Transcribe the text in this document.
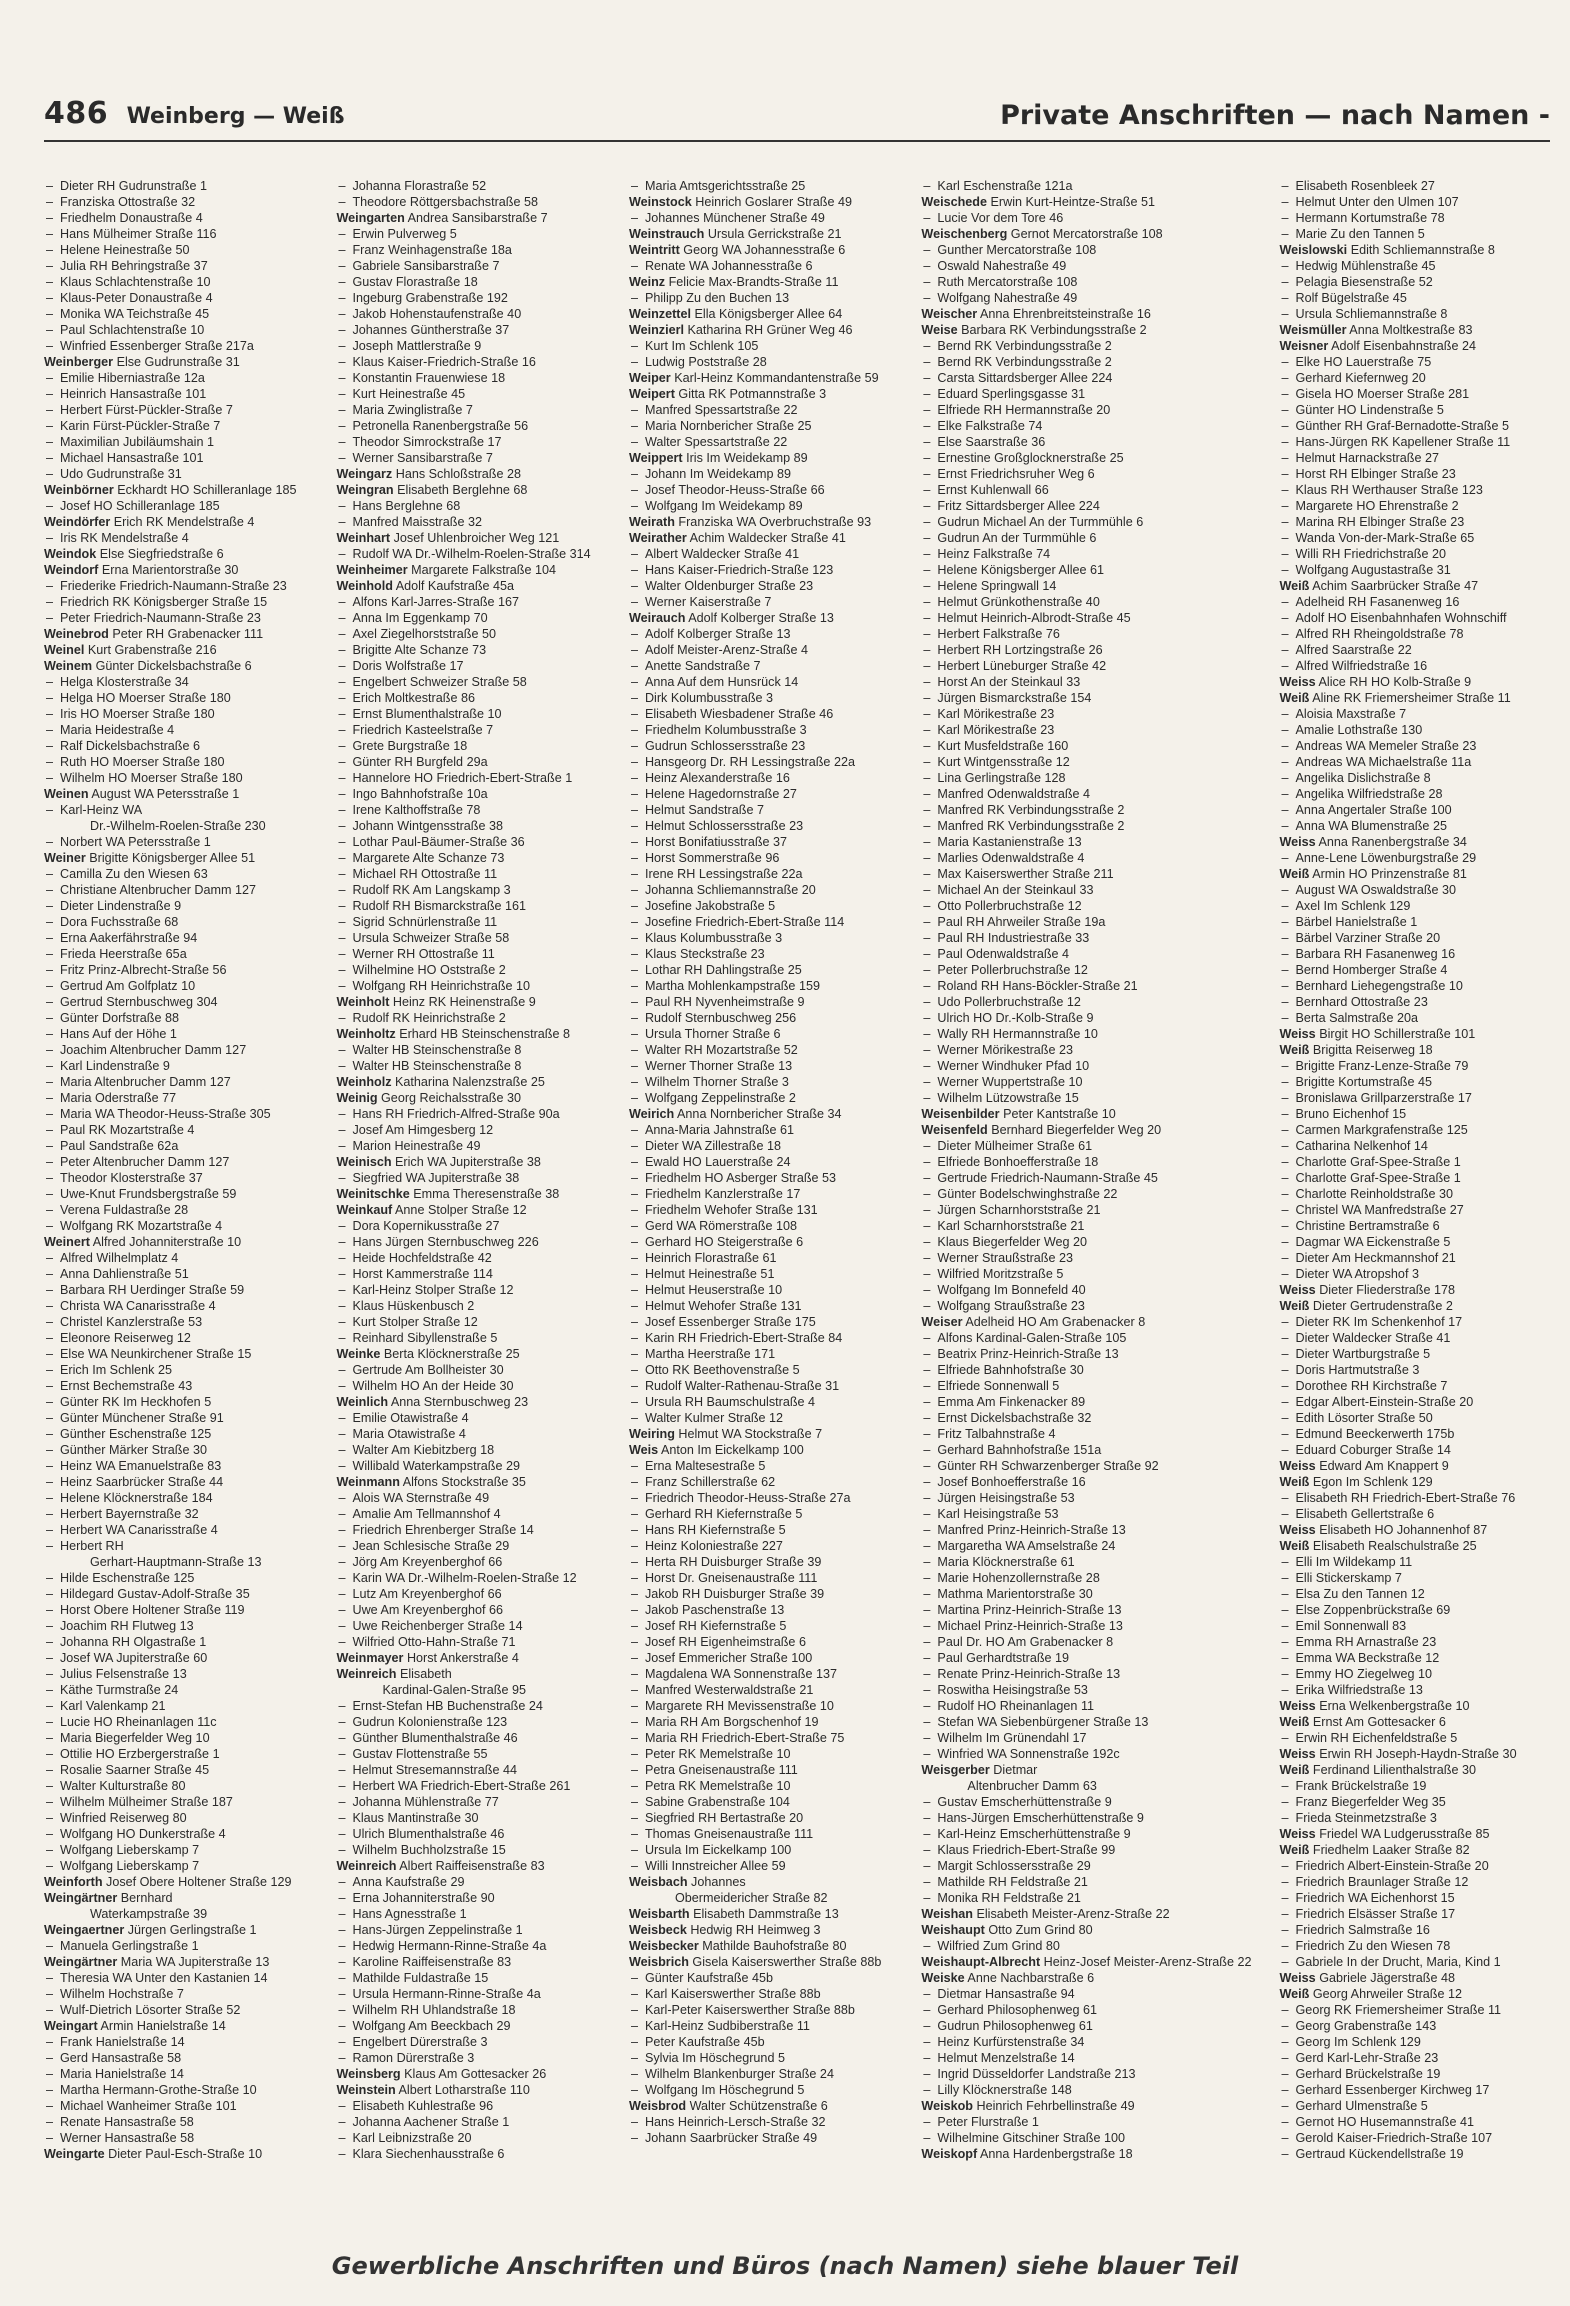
486 Weinberg — Weiß	Private Anschriften — nach Namen -
– Dieter RH Gudrunstraße 1
– Franziska Ottostraße 32
– Friedhelm Donaustraße 4
– Hans Mülheimer Straße 116
– Helene Heinestraße 50
– Julia RH Behringstraße 37
– Klaus Schlachtenstraße 10
– Klaus-Peter Donaustraße 4
– Monika WA Teichstraße 45
– Paul Schlachtenstraße 10
– Winfried Essenberger Straße 217a
Weinberger Else Gudrunstraße 31
– Emilie Hiberniastraße 12a
– Heinrich Hansastraße 101
– Herbert Fürst-Pückler-Straße 7
– Karin Fürst-Pückler-Straße 7
– Maximilian Jubiläumshain 1
– Michael Hansastraße 101
– Udo Gudrunstraße 31
Weinbörner Eckhardt HO Schilleranlage 185
– Josef HO Schilleranlage 185
Weindörfer Erich RK Mendelstraße 4
– Iris RK Mendelstraße 4
Weindok Else Siegfriedstraße 6
Weindorf Erna Marientorstraße 30
– Friederike Friedrich-Naumann-Straße 23
– Friedrich RK Königsberger Straße 15
– Peter Friedrich-Naumann-Straße 23
Weinebrod Peter RH Grabenacker 111
Weinel Kurt Grabenstraße 216
Weinem Günter Dickelsbachstraße 6
– Helga Klosterstraße 34
– Helga HO Moerser Straße 180
– Iris HO Moerser Straße 180
– Maria Heidestraße 4
– Ralf Dickelsbachstraße 6
– Ruth HO Moerser Straße 180
– Wilhelm HO Moerser Straße 180
Weinen August WA Petersstraße 1
– Karl-Heinz WA
Dr.-Wilhelm-Roelen-Straße 230
– Norbert WA Petersstraße 1
Weiner Brigitte Königsberger Allee 51
– Camilla Zu den Wiesen 63
– Christiane Altenbrucher Damm 127
– Dieter Lindenstraße 9
– Dora Fuchsstraße 68
– Erna Aakerfährstraße 94
– Frieda Heerstraße 65a
– Fritz Prinz-Albrecht-Straße 56
– Gertrud Am Golfplatz 10
– Gertrud Sternbuschweg 304
– Günter Dorfstraße 88
– Hans Auf der Höhe 1
– Joachim Altenbrucher Damm 127
– Karl Lindenstraße 9
– Maria Altenbrucher Damm 127
– Maria Oderstraße 77
– Maria WA Theodor-Heuss-Straße 305
– Paul RK Mozartstraße 4
– Paul Sandstraße 62a
– Peter Altenbrucher Damm 127
– Theodor Klosterstraße 37
– Uwe-Knut Frundsbergstraße 59
– Verena Fuldastraße 28
– Wolfgang RK Mozartstraße 4
Weinert Alfred Johanniterstraße 10
– Alfred Wilhelmplatz 4
– Anna Dahlienstraße 51
– Barbara RH Uerdinger Straße 59
– Christa WA Canarisstraße 4
– Christel Kanzlerstraße 53
– Eleonore Reiserweg 12
– Else WA Neunkirchener Straße 15
– Erich Im Schlenk 25
– Ernst Bechemstraße 43
– Günter RK Im Heckhofen 5
– Günter Münchener Straße 91
– Günther Eschenstraße 125
– Günther Märker Straße 30
– Heinz WA Emanuelstraße 83
– Heinz Saarbrücker Straße 44
– Helene Klöcknerstraße 184
– Herbert Bayernstraße 32
– Herbert WA Canarisstraße 4
– Herbert RH
Gerhart-Hauptmann-Straße 13
– Hilde Eschenstraße 125
– Hildegard Gustav-Adolf-Straße 35
– Horst Obere Holtener Straße 119
– Joachim RH Flutweg 13
– Johanna RH Olgastraße 1
– Josef WA Jupiterstraße 60
– Julius Felsenstraße 13
– Käthe Turmstraße 24
– Karl Valenkamp 21
– Lucie HO Rheinanlagen 11c
– Maria Biegerfelder Weg 10
– Ottilie HO Erzbergerstraße 1
– Rosalie Saarner Straße 45
– Walter Kulturstraße 80
– Wilhelm Mülheimer Straße 187
– Winfried Reiserweg 80
– Wolfgang HO Dunkerstraße 4
– Wolfgang Lieberskamp 7
– Wolfgang Lieberskamp 7
Weinforth Josef Obere Holtener Straße 129
Weingärtner Bernhard
Waterkampstraße 39
Weingaertner Jürgen Gerlingstraße 1
– Manuela Gerlingstraße 1
Weingärtner Maria WA Jupiterstraße 13
– Theresia WA Unter den Kastanien 14
– Wilhelm Hochstraße 7
– Wulf-Dietrich Lösorter Straße 52
Weingart Armin Hanielstraße 14
– Frank Hanielstraße 14
– Gerd Hansastraße 58
– Maria Hanielstraße 14
– Martha Hermann-Grothe-Straße 10
– Michael Wanheimer Straße 101
– Renate Hansastraße 58
– Werner Hansastraße 58
Weingarte Dieter Paul-Esch-Straße 10
– Johanna Florastraße 52
– Theodore Röttgersbachstraße 58
Weingarten Andrea Sansibarstraße 7
– Erwin Pulverweg 5
– Franz Weinhagenstraße 18a
– Gabriele Sansibarstraße 7
– Gustav Florastraße 18
– Ingeburg Grabenstraße 192
– Jakob Hohenstaufenstraße 40
– Johannes Güntherstraße 37
– Joseph Mattlerstraße 9
– Klaus Kaiser-Friedrich-Straße 16
– Konstantin Frauenwiese 18
– Kurt Heinestraße 45
– Maria Zwinglistraße 7
– Petronella Ranenbergstraße 56
– Theodor Simrockstraße 17
– Werner Sansibarstraße 7
Weingarz Hans Schloßstraße 28
Weingran Elisabeth Berglehne 68
– Hans Berglehne 68
– Manfred Maisstraße 32
Weinhart Josef Uhlenbroicher Weg 121
– Rudolf WA Dr.-Wilhelm-Roelen-Straße 314
Weinheimer Margarete Falkstraße 104
Weinhold Adolf Kaufstraße 45a
– Alfons Karl-Jarres-Straße 167
– Anna Im Eggenkamp 70
– Axel Ziegelhorststraße 50
– Brigitte Alte Schanze 73
– Doris Wolfstraße 17
– Engelbert Schweizer Straße 58
– Erich Moltkestraße 86
– Ernst Blumenthalstraße 10
– Friedrich Kasteelstraße 7
– Grete Burgstraße 18
– Günter RH Burgfeld 29a
– Hannelore HO Friedrich-Ebert-Straße 1
– Ingo Bahnhofstraße 10a
– Irene Kalthoffstraße 78
– Johann Wintgensstraße 38
– Lothar Paul-Bäumer-Straße 36
– Margarete Alte Schanze 73
– Michael RH Ottostraße 11
– Rudolf RK Am Langskamp 3
– Rudolf RH Bismarckstraße 161
– Sigrid Schnürlenstraße 11
– Ursula Schweizer Straße 58
– Werner RH Ottostraße 11
– Wilhelmine HO Oststraße 2
– Wolfgang RH Heinrichstraße 10
Weinholt Heinz RK Heinenstraße 9
– Rudolf RK Heinrichstraße 2
Weinholtz Erhard HB Steinschenstraße 8
– Walter HB Steinschenstraße 8
– Walter HB Steinschenstraße 8
Weinholz Katharina Nalenzstraße 25
Weinig Georg Reichalsstraße 30
– Hans RH Friedrich-Alfred-Straße 90a
– Josef Am Himgesberg 12
– Marion Heinestraße 49
Weinisch Erich WA Jupiterstraße 38
– Siegfried WA Jupiterstraße 38
Weinitschke Emma Theresenstraße 38
Weinkauf Anne Stolper Straße 12
– Dora Kopernikusstraße 27
– Hans Jürgen Sternbuschweg 226
– Heide Hochfeldstraße 42
– Horst Kammerstraße 114
– Karl-Heinz Stolper Straße 12
– Klaus Hüskenbusch 2
– Kurt Stolper Straße 12
– Reinhard Sibyllenstraße 5
Weinke Berta Klöcknerstraße 25
– Gertrude Am Bollheister 30
– Wilhelm HO An der Heide 30
Weinlich Anna Sternbuschweg 23
– Emilie Otawistraße 4
– Maria Otawistraße 4
– Walter Am Kiebitzberg 18
– Willibald Waterkampstraße 29
Weinmann Alfons Stockstraße 35
– Alois WA Sternstraße 49
– Amalie Am Tellmannshof 4
– Friedrich Ehrenberger Straße 14
– Jean Schlesische Straße 29
– Jörg Am Kreyenberghof 66
– Karin WA Dr.-Wilhelm-Roelen-Straße 12
– Lutz Am Kreyenberghof 66
– Uwe Am Kreyenberghof 66
– Uwe Reichenberger Straße 14
– Wilfried Otto-Hahn-Straße 71
Weinmayer Horst Ankerstraße 4
Weinreich Elisabeth
Kardinal-Galen-Straße 95
– Ernst-Stefan HB Buchenstraße 24
– Gudrun Kolonienstraße 123
– Günther Blumenthalstraße 46
– Gustav Flottenstraße 55
– Helmut Stresemannstraße 44
– Herbert WA Friedrich-Ebert-Straße 261
– Johanna Mühlenstraße 77
– Klaus Mantinstraße 30
– Ulrich Blumenthalstraße 46
– Wilhelm Buchholzstraße 15
Weinreich Albert Raiffeisenstraße 83
– Anna Kaufstraße 29
– Erna Johanniterstraße 90
– Hans Agnesstraße 1
– Hans-Jürgen Zeppelinstraße 1
– Hedwig Hermann-Rinne-Straße 4a
– Karoline Raiffeisenstraße 83
– Mathilde Fuldastraße 15
– Ursula Hermann-Rinne-Straße 4a
– Wilhelm RH Uhlandstraße 18
– Wolfgang Am Beeckbach 29
– Engelbert Dürerstraße 3
– Ramon Dürerstraße 3
Weinsberg Klaus Am Gottesacker 26
Weinstein Albert Lotharstraße 110
– Elisabeth Kuhlestraße 96
– Johanna Aachener Straße 1
– Karl Leibnizstraße 20
– Klara Siechenhausstraße 6
– Maria Amtsgerichtsstraße 25
Weinstock Heinrich Goslarer Straße 49
– Johannes Münchener Straße 49
Weinstrauch Ursula Gerrickstraße 21
Weintritt Georg WA Johannesstraße 6
– Renate WA Johannesstraße 6
Weinz Felicie Max-Brandts-Straße 11
– Philipp Zu den Buchen 13
Weinzettel Ella Königsberger Allee 64
Weinzierl Katharina RH Grüner Weg 46
– Kurt Im Schlenk 105
– Ludwig Poststraße 28
Weiper Karl-Heinz Kommandantenstraße 59
Weipert Gitta RK Potmannstraße 3
– Manfred Spessartstraße 22
– Maria Nornbericher Straße 25
– Walter Spessartstraße 22
Weippert Iris Im Weidekamp 89
– Johann Im Weidekamp 89
– Josef Theodor-Heuss-Straße 66
– Wolfgang Im Weidekamp 89
Weirath Franziska WA Overbruchstraße 93
Weirather Achim Waldecker Straße 41
– Albert Waldecker Straße 41
– Hans Kaiser-Friedrich-Straße 123
– Walter Oldenburger Straße 23
– Werner Kaiserstraße 7
Weirauch Adolf Kolberger Straße 13
– Adolf Kolberger Straße 13
– Adolf Meister-Arenz-Straße 4
– Anette Sandstraße 7
– Anna Auf dem Hunsrück 14
– Dirk Kolumbusstraße 3
– Elisabeth Wiesbadener Straße 46
– Friedhelm Kolumbusstraße 3
– Gudrun Schlossersstraße 23
– Hansgeorg Dr. RH Lessingstraße 22a
– Heinz Alexanderstraße 16
– Helene Hagedornstraße 27
– Helmut Sandstraße 7
– Helmut Schlossersstraße 23
– Horst Bonifatiusstraße 37
– Horst Sommerstraße 96
– Irene RH Lessingstraße 22a
– Johanna Schliemannstraße 20
– Josefine Jakobstraße 5
– Josefine Friedrich-Ebert-Straße 114
– Klaus Kolumbusstraße 3
– Klaus Steckstraße 23
– Lothar RH Dahlingstraße 25
– Martha Mohlenkampstraße 159
– Paul RH Nyvenheimstraße 9
– Rudolf Sternbuschweg 256
– Ursula Thorner Straße 6
– Walter RH Mozartstraße 52
– Werner Thorner Straße 13
– Wilhelm Thorner Straße 3
– Wolfgang Zeppelinstraße 2
Weirich Anna Nornbericher Straße 34
– Anna-Maria Jahnstraße 61
– Dieter WA Zillestraße 18
– Ewald HO Lauerstraße 24
– Friedhelm HO Asberger Straße 53
– Friedhelm Kanzlerstraße 17
– Friedhelm Wehofer Straße 131
– Gerd WA Römerstraße 108
– Gerhard HO Steigerstraße 6
– Heinrich Florastraße 61
– Helmut Heinestraße 51
– Helmut Heuserstraße 10
– Helmut Wehofer Straße 131
– Josef Essenberger Straße 175
– Karin RH Friedrich-Ebert-Straße 84
– Martha Heerstraße 171
– Otto RK Beethovenstraße 5
– Rudolf Walter-Rathenau-Straße 31
– Ursula RH Baumschulstraße 4
– Walter Kulmer Straße 12
Weiring Helmut WA Stockstraße 7
Weis Anton Im Eickelkamp 100
– Erna Maltesestraße 5
– Franz Schillerstraße 62
– Friedrich Theodor-Heuss-Straße 27a
– Gerhard RH Kiefernstraße 5
– Hans RH Kiefernstraße 5
– Heinz Koloniestraße 227
– Herta RH Duisburger Straße 39
– Horst Dr. Gneisenaustraße 111
– Jakob RH Duisburger Straße 39
– Jakob Paschenstraße 13
– Josef RH Kiefernstraße 5
– Josef RH Eigenheimstraße 6
– Josef Emmericher Straße 100
– Magdalena WA Sonnenstraße 137
– Manfred Westerwaldstraße 21
– Margarete RH Mevissenstraße 10
– Maria RH Am Borgschenhof 19
– Maria RH Friedrich-Ebert-Straße 75
– Peter RK Memelstraße 10
– Petra Gneisenaustraße 111
– Petra RK Memelstraße 10
– Sabine Grabenstraße 104
– Siegfried RH Bertastraße 20
– Thomas Gneisenaustraße 111
– Ursula Im Eickelkamp 100
– Willi Innstreicher Allee 59
Weisbach Johannes
Obermeidericher Straße 82
Weisbarth Elisabeth Dammstraße 13
Weisbeck Hedwig RH Heimweg 3
Weisbecker Mathilde Bauhofstraße 80
Weisbrich Gisela Kaiserswerther Straße 88b
– Günter Kaufstraße 45b
– Karl Kaiserswerther Straße 88b
– Karl-Peter Kaiserswerther Straße 88b
– Karl-Heinz Sudbiberstraße 11
– Peter Kaufstraße 45b
– Sylvia Im Höschegrund 5
– Wilhelm Blankenburger Straße 24
– Wolfgang Im Höschegrund 5
Weisbrod Walter Schützenstraße 6
– Hans Heinrich-Lersch-Straße 32
– Johann Saarbrücker Straße 49
– Karl Eschenstraße 121a
Weischede Erwin Kurt-Heintze-Straße 51
– Lucie Vor dem Tore 46
Weischenberg Gernot Mercatorstraße 108
– Gunther Mercatorstraße 108
– Oswald Nahestraße 49
– Ruth Mercatorstraße 108
– Wolfgang Nahestraße 49
Weischer Anna Ehrenbreitsteinstraße 16
Weise Barbara RK Verbindungsstraße 2
– Bernd RK Verbindungsstraße 2
– Bernd RK Verbindungsstraße 2
– Carsta Sittardsberger Allee 224
– Eduard Sperlingsgasse 31
– Elfriede RH Hermannstraße 20
– Elke Falkstraße 74
– Else Saarstraße 36
– Ernestine Großglocknerstraße 25
– Ernst Friedrichsruher Weg 6
– Ernst Kuhlenwall 66
– Fritz Sittardsberger Allee 224
– Gudrun Michael An der Turmmühle 6
– Gudrun An der Turmmühle 6
– Heinz Falkstraße 74
– Helene Königsberger Allee 61
– Helene Springwall 14
– Helmut Grünkothenstraße 40
– Helmut Heinrich-Albrodt-Straße 45
– Herbert Falkstraße 76
– Herbert RH Lortzingstraße 26
– Herbert Lüneburger Straße 42
– Horst An der Steinkaul 33
– Jürgen Bismarckstraße 154
– Karl Mörikestraße 23
– Karl Mörikestraße 23
– Kurt Musfeldstraße 160
– Kurt Wintgensstraße 12
– Lina Gerlingstraße 128
– Manfred Odenwaldstraße 4
– Manfred RK Verbindungsstraße 2
– Manfred RK Verbindungsstraße 2
– Maria Kastanienstraße 13
– Marlies Odenwaldstraße 4
– Max Kaiserswerther Straße 211
– Michael An der Steinkaul 33
– Otto Pollerbruchstraße 12
– Paul RH Ahrweiler Straße 19a
– Paul RH Industriestraße 33
– Paul Odenwaldstraße 4
– Peter Pollerbruchstraße 12
– Roland RH Hans-Böckler-Straße 21
– Udo Pollerbruchstraße 12
– Ulrich HO Dr.-Kolb-Straße 9
– Wally RH Hermannstraße 10
– Werner Mörikestraße 23
– Werner Windhuker Pfad 10
– Werner Wuppertstraße 10
– Wilhelm Lützowstraße 15
Weisenbilder Peter Kantstraße 10
Weisenfeld Bernhard Biegerfelder Weg 20
– Dieter Mülheimer Straße 61
– Elfriede Bonhoefferstraße 18
– Gertrude Friedrich-Naumann-Straße 45
– Günter Bodelschwinghstraße 22
– Jürgen Scharnhorststraße 21
– Karl Scharnhorststraße 21
– Klaus Biegerfelder Weg 20
– Werner Straußstraße 23
– Wilfried Moritzstraße 5
– Wolfgang Im Bonnefeld 40
– Wolfgang Straußstraße 23
Weiser Adelheid HO Am Grabenacker 8
– Alfons Kardinal-Galen-Straße 105
– Beatrix Prinz-Heinrich-Straße 13
– Elfriede Bahnhofstraße 30
– Elfriede Sonnenwall 5
– Emma Am Finkenacker 89
– Ernst Dickelsbachstraße 32
– Fritz Talbahnstraße 4
– Gerhard Bahnhofstraße 151a
– Günter RH Schwarzenberger Straße 92
– Josef Bonhoefferstraße 16
– Jürgen Heisingstraße 53
– Karl Heisingstraße 53
– Manfred Prinz-Heinrich-Straße 13
– Margaretha WA Amselstraße 24
– Maria Klöcknerstraße 61
– Marie Hohenzollernstraße 28
– Mathma Marientorstraße 30
– Martina Prinz-Heinrich-Straße 13
– Michael Prinz-Heinrich-Straße 13
– Paul Dr. HO Am Grabenacker 8
– Paul Gerhardtstraße 19
– Renate Prinz-Heinrich-Straße 13
– Roswitha Heisingstraße 53
– Rudolf HO Rheinanlagen 11
– Stefan WA Siebenbürgener Straße 13
– Wilhelm Im Grünendahl 17
– Winfried WA Sonnenstraße 192c
Weisgerber Dietmar
Altenbrucher Damm 63
– Gustav Emscherhüttenstraße 9
– Hans-Jürgen Emscherhüttenstraße 9
– Karl-Heinz Emscherhüttenstraße 9
– Klaus Friedrich-Ebert-Straße 99
– Margit Schlossersstraße 29
– Mathilde RH Feldstraße 21
– Monika RH Feldstraße 21
Weishan Elisabeth Meister-Arenz-Straße 22
Weishaupt Otto Zum Grind 80
– Wilfried Zum Grind 80
Weishaupt-Albrecht Heinz-Josef Meister-Arenz-Straße 22
Weiske Anne Nachbarstraße 6
– Dietmar Hansastraße 94
– Gerhard Philosophenweg 61
– Gudrun Philosophenweg 61
– Heinz Kurfürstenstraße 34
– Helmut Menzelstraße 14
– Ingrid Düsseldorfer Landstraße 213
– Lilly Klöcknerstraße 148
Weiskob Heinrich Fehrbellinstraße 49
– Peter Flurstraße 1
– Wilhelmine Gitschiner Straße 100
Weiskopf Anna Hardenbergstraße 18
– Elisabeth Rosenbleek 27
– Helmut Unter den Ulmen 107
– Hermann Kortumstraße 78
– Marie Zu den Tannen 5
Weislowski Edith Schliemannstraße 8
– Hedwig Mühlenstraße 45
– Pelagia Biesenstraße 52
– Rolf Bügelstraße 45
– Ursula Schliemannstraße 8
Weismüller Anna Moltkestraße 83
Weisner Adolf Eisenbahnstraße 24
– Elke HO Lauerstraße 75
– Gerhard Kiefernweg 20
– Gisela HO Moerser Straße 281
– Günter HO Lindenstraße 5
– Günther RH Graf-Bernadotte-Straße 5
– Hans-Jürgen RK Kapellener Straße 11
– Helmut Harnackstraße 27
– Horst RH Elbinger Straße 23
– Klaus RH Werthauser Straße 123
– Margarete HO Ehrenstraße 2
– Marina RH Elbinger Straße 23
– Wanda Von-der-Mark-Straße 65
– Willi RH Friedrichstraße 20
– Wolfgang Augustastraße 31
Weiß Achim Saarbrücker Straße 47
– Adelheid RH Fasanenweg 16
– Adolf HO Eisenbahnhafen Wohnschiff
– Alfred RH Rheingoldstraße 78
– Alfred Saarstraße 22
– Alfred Wilfriedstraße 16
Weiss Alice RH HO Kolb-Straße 9
Weiß Aline RK Friemersheimer Straße 11
– Aloisia Maxstraße 7
– Amalie Lothstraße 130
– Andreas WA Memeler Straße 23
– Andreas WA Michaelstraße 11a
– Angelika Dislichstraße 8
– Angelika Wilfriedstraße 28
– Anna Angertaler Straße 100
– Anna WA Blumenstraße 25
Weiss Anna Ranenbergstraße 34
– Anne-Lene Löwenburgstraße 29
Weiß Armin HO Prinzenstraße 81
– August WA Oswaldstraße 30
– Axel Im Schlenk 129
– Bärbel Hanielstraße 1
– Bärbel Varziner Straße 20
– Barbara RH Fasanenweg 16
– Bernd Homberger Straße 4
– Bernhard Liehegengstraße 10
– Bernhard Ottostraße 23
– Berta Salmstraße 20a
Weiss Birgit HO Schillerstraße 101
Weiß Brigitta Reiserweg 18
– Brigitte Franz-Lenze-Straße 79
– Brigitte Kortumstraße 45
– Bronislawa Grillparzerstraße 17
– Bruno Eichenhof 15
– Carmen Markgrafenstraße 125
– Catharina Nelkenhof 14
– Charlotte Graf-Spee-Straße 1
– Charlotte Graf-Spee-Straße 1
– Charlotte Reinholdstraße 30
– Christel WA Manfredstraße 27
– Christine Bertramstraße 6
– Dagmar WA Eickenstraße 5
– Dieter Am Heckmannshof 21
– Dieter WA Atropshof 3
Weiss Dieter Fliederstraße 178
Weiß Dieter Gertrudenstraße 2
– Dieter RK Im Schenkenhof 17
– Dieter Waldecker Straße 41
– Dieter Wartburgstraße 5
– Doris Hartmutstraße 3
– Dorothee RH Kirchstraße 7
– Edgar Albert-Einstein-Straße 20
– Edith Lösorter Straße 50
– Edmund Beeckerwerth 175b
– Eduard Coburger Straße 14
Weiss Edward Am Knappert 9
Weiß Egon Im Schlenk 129
– Elisabeth RH Friedrich-Ebert-Straße 76
– Elisabeth Gellertstraße 6
Weiss Elisabeth HO Johannenhof 87
Weiß Elisabeth Realschulstraße 25
– Elli Im Wildekamp 11
– Elli Stickerskamp 7
– Elsa Zu den Tannen 12
– Else Zoppenbrückstraße 69
– Emil Sonnenwall 83
– Emma RH Arnastraße 23
– Emma WA Beckstraße 12
– Emmy HO Ziegelweg 10
– Erika Wilfriedstraße 13
Weiss Erna Welkenbergstraße 10
Weiß Ernst Am Gottesacker 6
– Erwin RH Eichenfeldstraße 5
Weiss Erwin RH Joseph-Haydn-Straße 30
Weiß Ferdinand Lilienthalstraße 30
– Frank Brückelstraße 19
– Franz Biegerfelder Weg 35
– Frieda Steinmetzstraße 3
Weiss Friedel WA Ludgerusstraße 85
Weiß Friedhelm Laaker Straße 82
– Friedrich Albert-Einstein-Straße 20
– Friedrich Braunlager Straße 12
– Friedrich WA Eichenhorst 15
– Friedrich Elsässer Straße 17
– Friedrich Salmstraße 16
– Friedrich Zu den Wiesen 78
– Gabriele In der Drucht, Maria, Kind 1
Weiss Gabriele Jägerstraße 48
Weiß Georg Ahrweiler Straße 12
– Georg RK Friemersheimer Straße 11
– Georg Grabenstraße 143
– Georg Im Schlenk 129
– Gerd Karl-Lehr-Straße 23
– Gerhard Brückelstraße 19
– Gerhard Essenberger Kirchweg 17
– Gerhard Ulmenstraße 5
– Gernot HO Husemannstraße 41
– Gerold Kaiser-Friedrich-Straße 107
– Gertraud Kückendellstraße 19
Gewerbliche Anschriften und Büros (nach Namen) siehe blauer Teil
